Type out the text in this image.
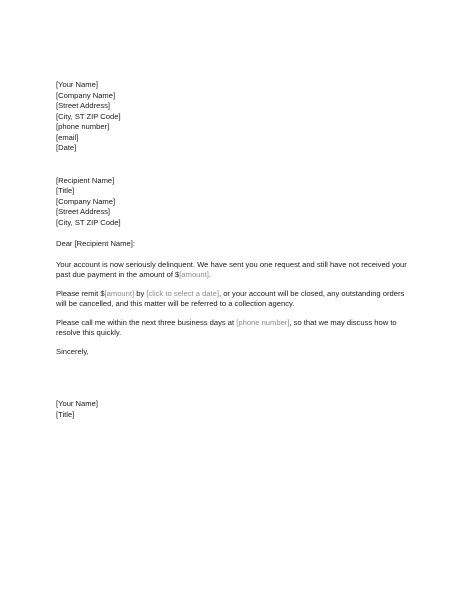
[Your Name]
[Company Name]
[Street Address]
[City, ST ZIP Code]
[phone number]
[email]
[Date]
[Recipient Name]
[Title]
[Company Name]
[Street Address]
[City, ST ZIP Code]

Dear [Recipient Name]:

Your account is now seriously delinquent. We have sent you one request and still have not received your past due payment in the amount of $[amount].

Please remit $[amount] by [click to select a date], or your account will be closed, any outstanding orders will be cancelled, and this matter will be referred to a collection agency.

Please call me within the next three business days at [phone number], so that we may discuss how to resolve this quickly.

Sincerely,

[Your Name]
[Title]
